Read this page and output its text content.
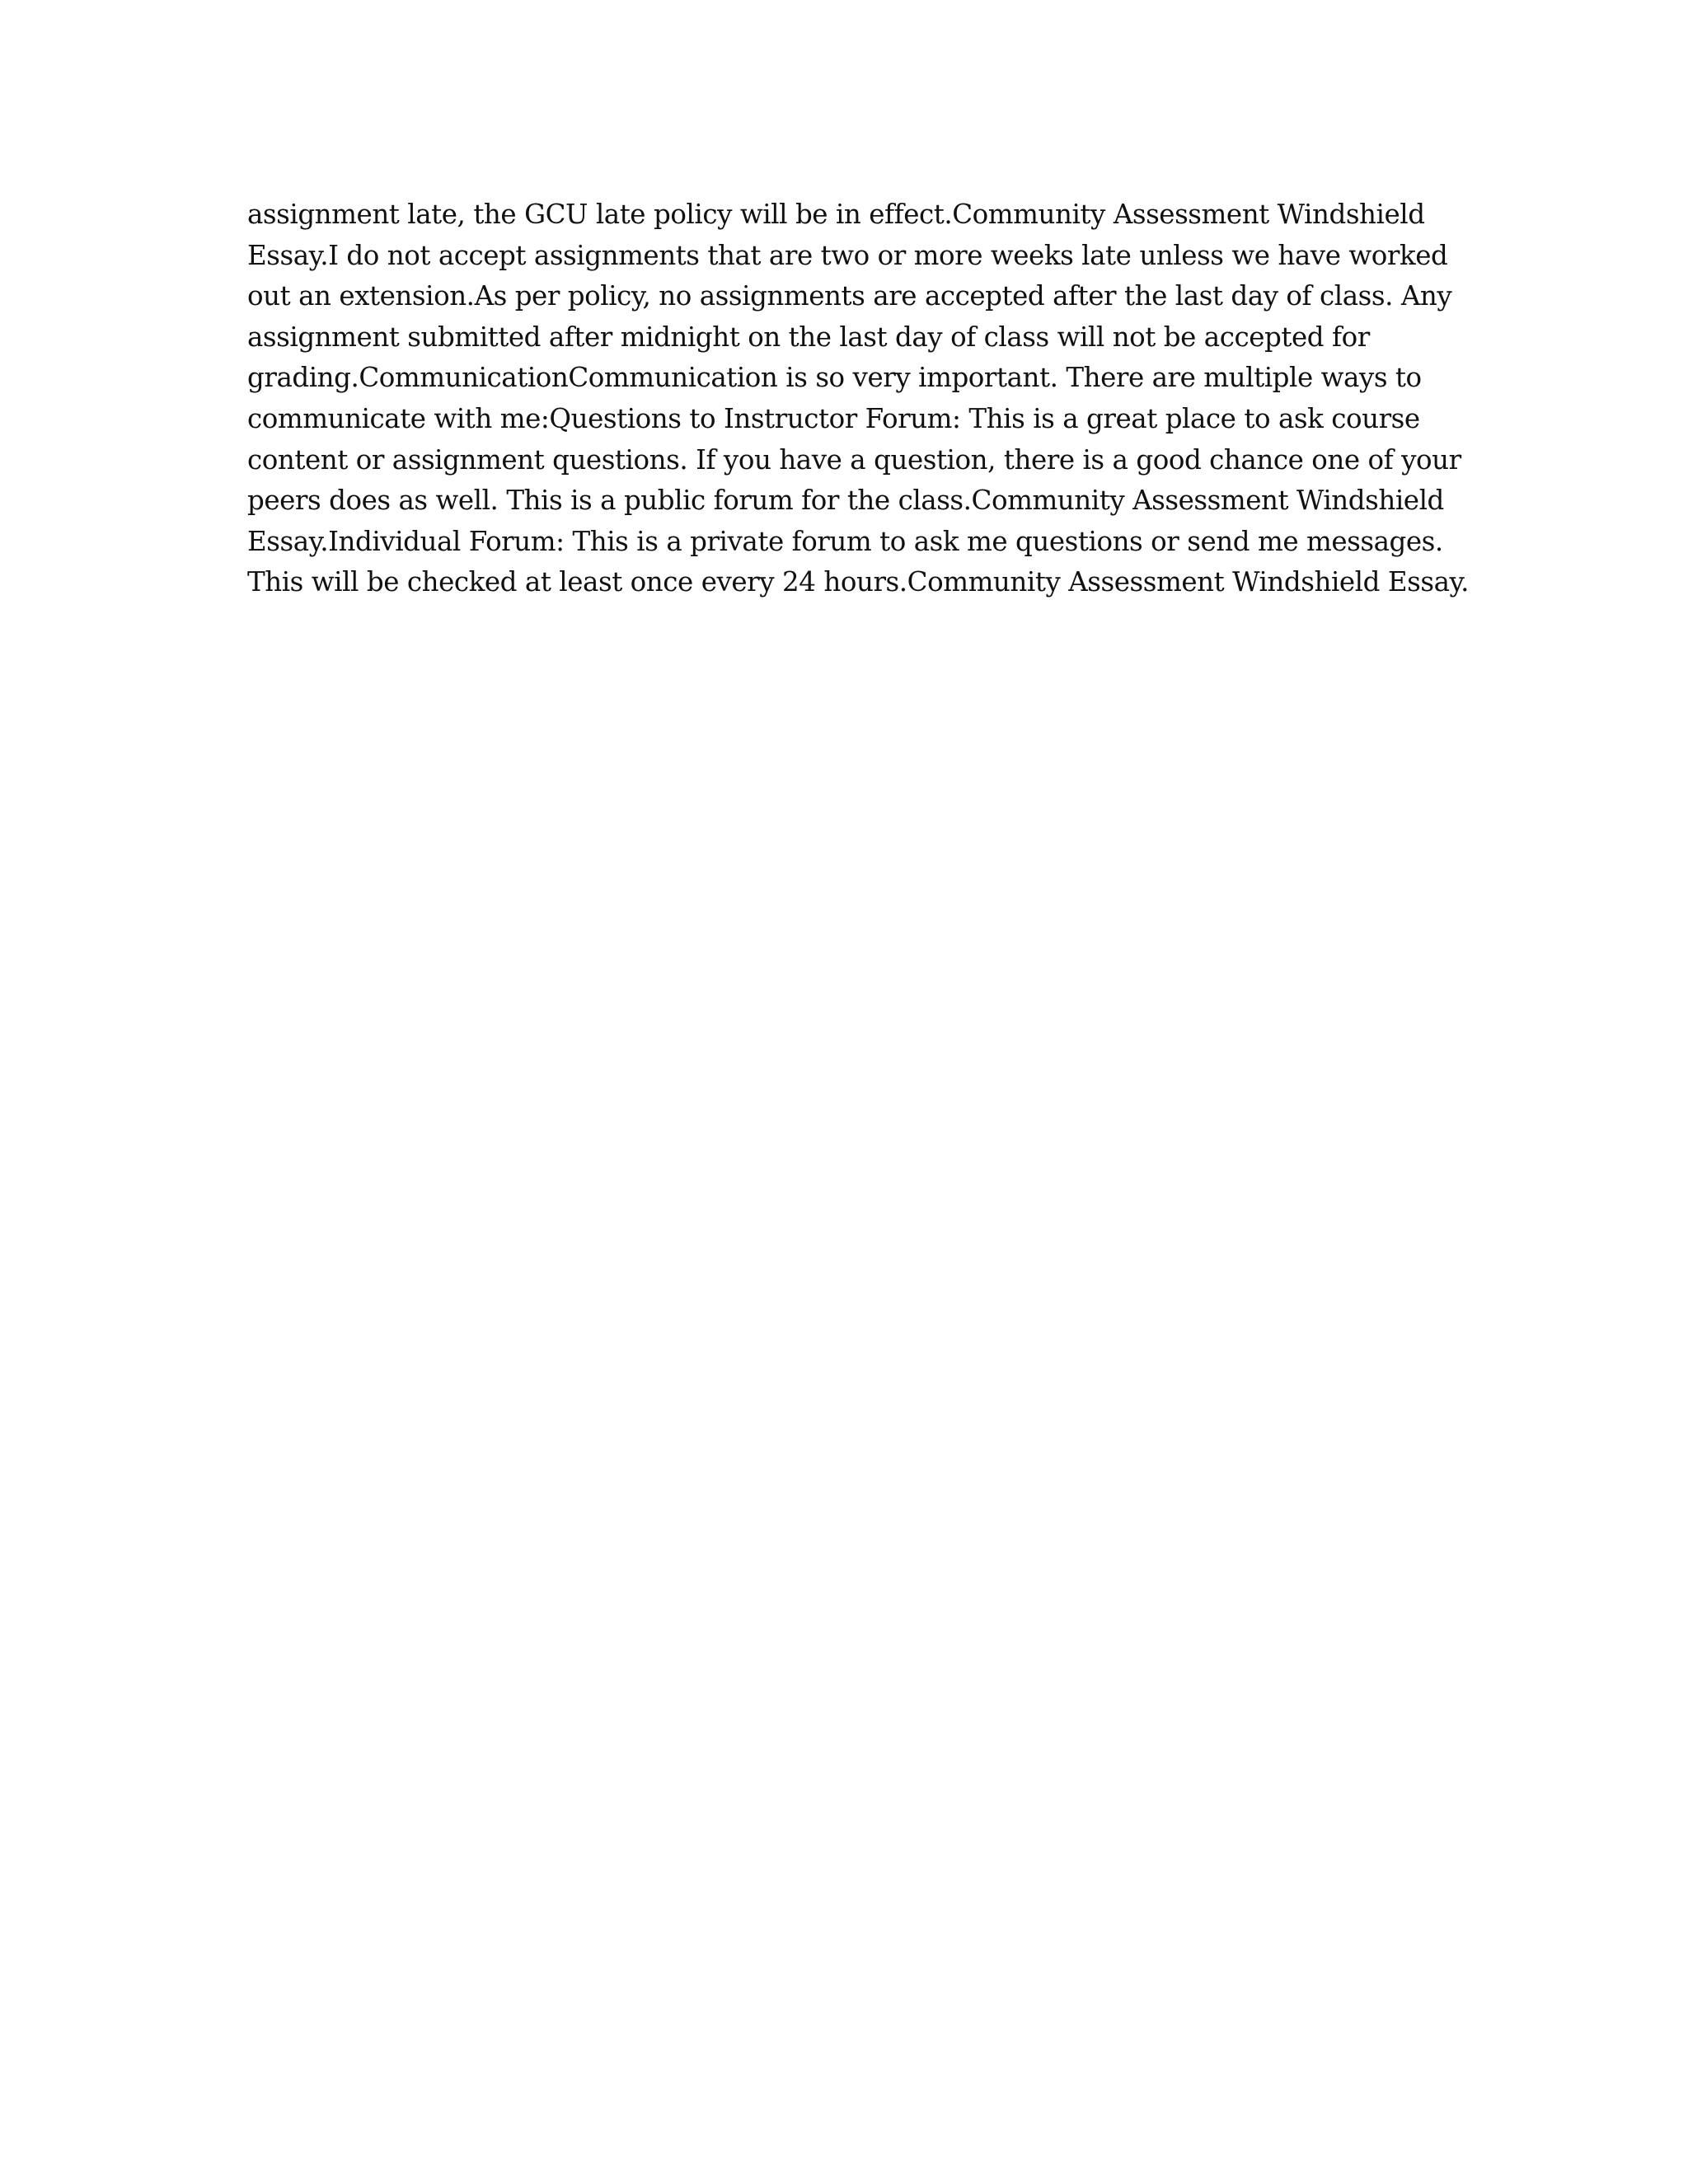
assignment late, the GCU late policy will be in effect.Community Assessment Windshield
Essay.I do not accept assignments that are two or more weeks late unless we have worked
out an extension.As per policy, no assignments are accepted after the last day of class. Any
assignment submitted after midnight on the last day of class will not be accepted for
grading.CommunicationCommunication is so very important. There are multiple ways to
communicate with me:Questions to Instructor Forum: This is a great place to ask course
content or assignment questions. If you have a question, there is a good chance one of your
peers does as well. This is a public forum for the class.Community Assessment Windshield
Essay.Individual Forum: This is a private forum to ask me questions or send me messages.
This will be checked at least once every 24 hours.Community Assessment Windshield Essay.
